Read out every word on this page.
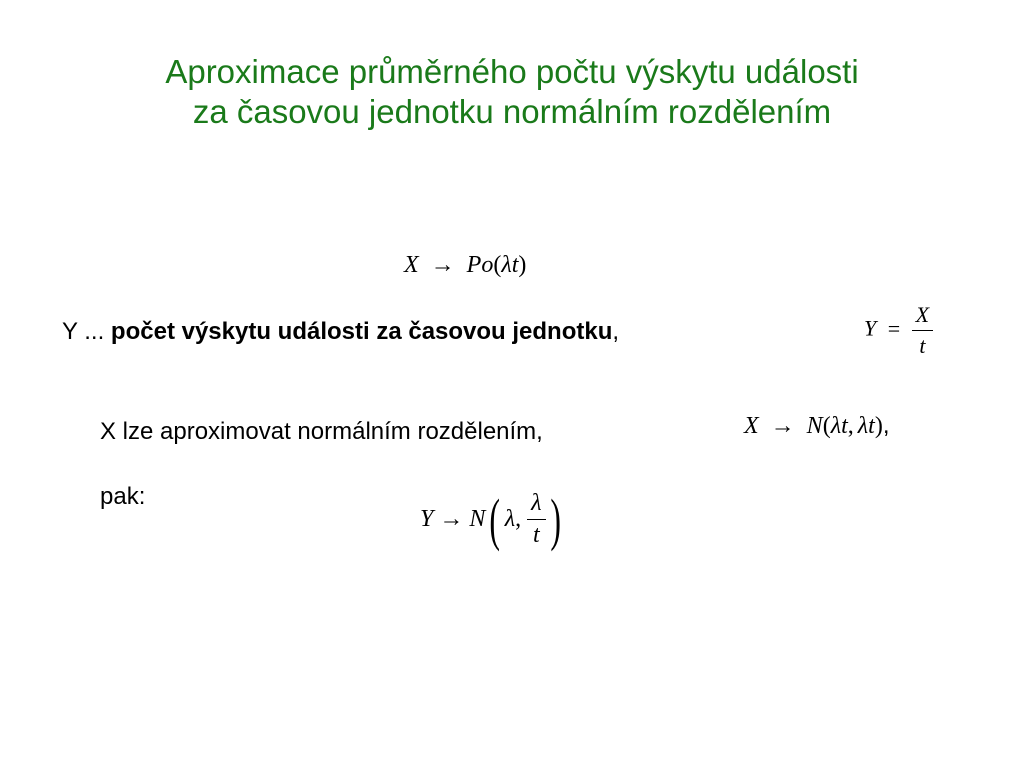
Aproximace průměrného počtu výskytu události
za časovou jednotku normálním rozdělením
X → Po(λt)
Y ... počet výskytu události za časovou jednotku,	$Y = \frac{X}{t}$
X lze aproximovat normálním rozdělením,	X → N(λt, λt),
pak:
Y → N ( λ , $\frac{\lambda}{t}$ )
